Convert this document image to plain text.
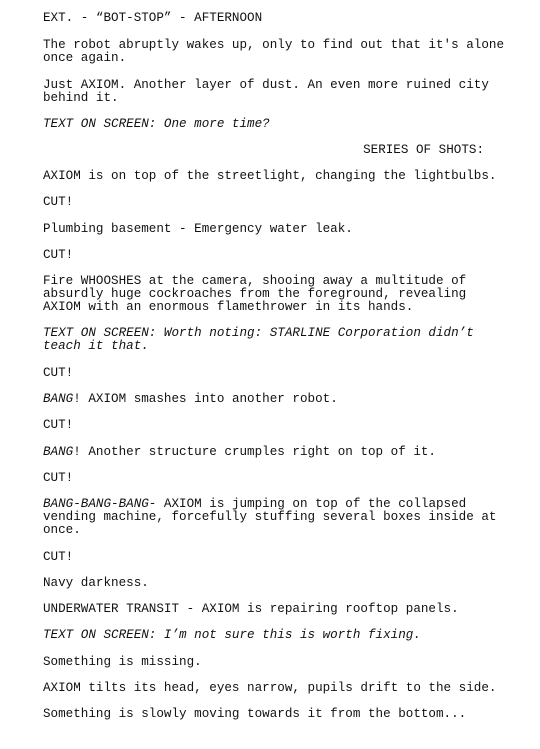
EXT. - “BOT-STOP” - AFTERNOON

The robot abruptly wakes up, only to find out that it's alone

once again.

Just AXIOM. Another layer of dust. An even more ruined city

behind it.

TEXT ON SCREEN: One more time?

SERIES OF SHOTS:

AXIOM is on top of the streetlight, changing the lightbulbs.

CUT!

Plumbing basement - Emergency water leak.

CUT!

Fire WHOOSHES at the camera, shooing away a multitude of

absurdly huge cockroaches from the foreground, revealing

AXIOM with an enormous flamethrower in its hands.

TEXT ON SCREEN: Worth noting: STARLINE Corporation didn’t

teach it that.

CUT!

BANG! AXIOM smashes into another robot.

CUT!

BANG! Another structure crumples right on top of it.

CUT!

BANG-BANG-BANG- AXIOM is jumping on top of the collapsed

vending machine, forcefully stuffing several boxes inside at

once.

CUT!

Navy darkness.

UNDERWATER TRANSIT - AXIOM is repairing rooftop panels.

TEXT ON SCREEN: I’m not sure this is worth fixing.

Something is missing.

AXIOM tilts its head, eyes narrow, pupils drift to the side.

Something is slowly moving towards it from the bottom...
